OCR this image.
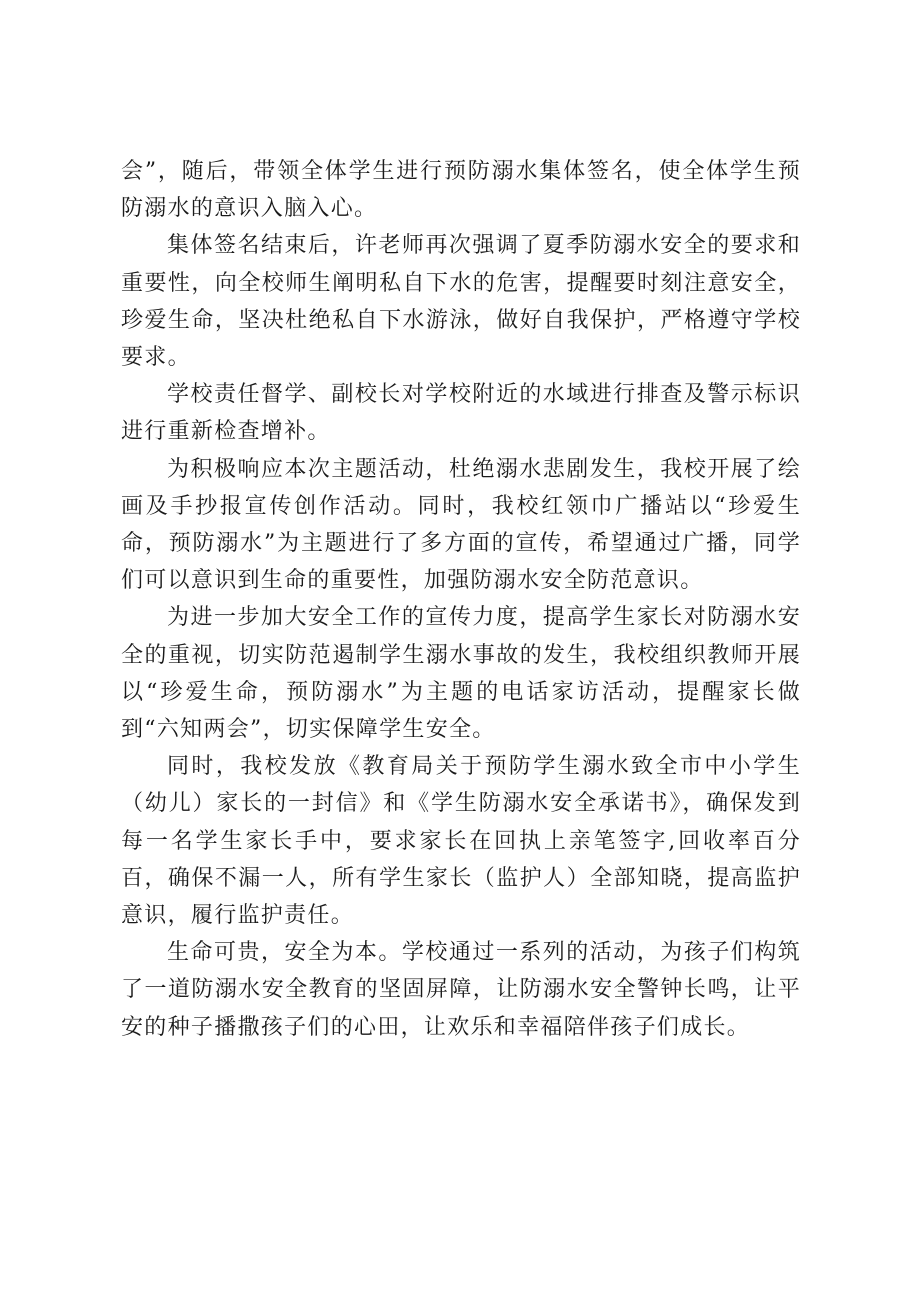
会”，随后，带领全体学生进行预防溺水集体签名，使全体学生预防溺水的意识入脑入心。

集体签名结束后，许老师再次强调了夏季防溺水安全的要求和重要性，向全校师生阐明私自下水的危害，提醒要时刻注意安全，珍爱生命，坚决杜绝私自下水游泳，做好自我保护，严格遵守学校要求。

学校责任督学、副校长对学校附近的水域进行排查及警示标识进行重新检查增补。

为积极响应本次主题活动，杜绝溺水悲剧发生，我校开展了绘画及手抄报宣传创作活动。同时，我校红领巾广播站以“珍爱生命，预防溺水”为主题进行了多方面的宣传，希望通过广播，同学们可以意识到生命的重要性，加强防溺水安全防范意识。

为进一步加大安全工作的宣传力度，提高学生家长对防溺水安全的重视，切实防范遏制学生溺水事故的发生，我校组织教师开展以“珍爱生命，预防溺水”为主题的电话家访活动，提醒家长做到“六知两会”，切实保障学生安全。

同时，我校发放《教育局关于预防学生溺水致全市中小学生（幼儿）家长的一封信》和《学生防溺水安全承诺书》，确保发到每一名学生家长手中，要求家长在回执上亲笔签字,回收率百分百，确保不漏一人，所有学生家长（监护人）全部知晓，提高监护意识，履行监护责任。

生命可贵，安全为本。学校通过一系列的活动，为孩子们构筑了一道防溺水安全教育的坚固屏障，让防溺水安全警钟长鸣，让平安的种子播撒孩子们的心田，让欢乐和幸福陪伴孩子们成长。
